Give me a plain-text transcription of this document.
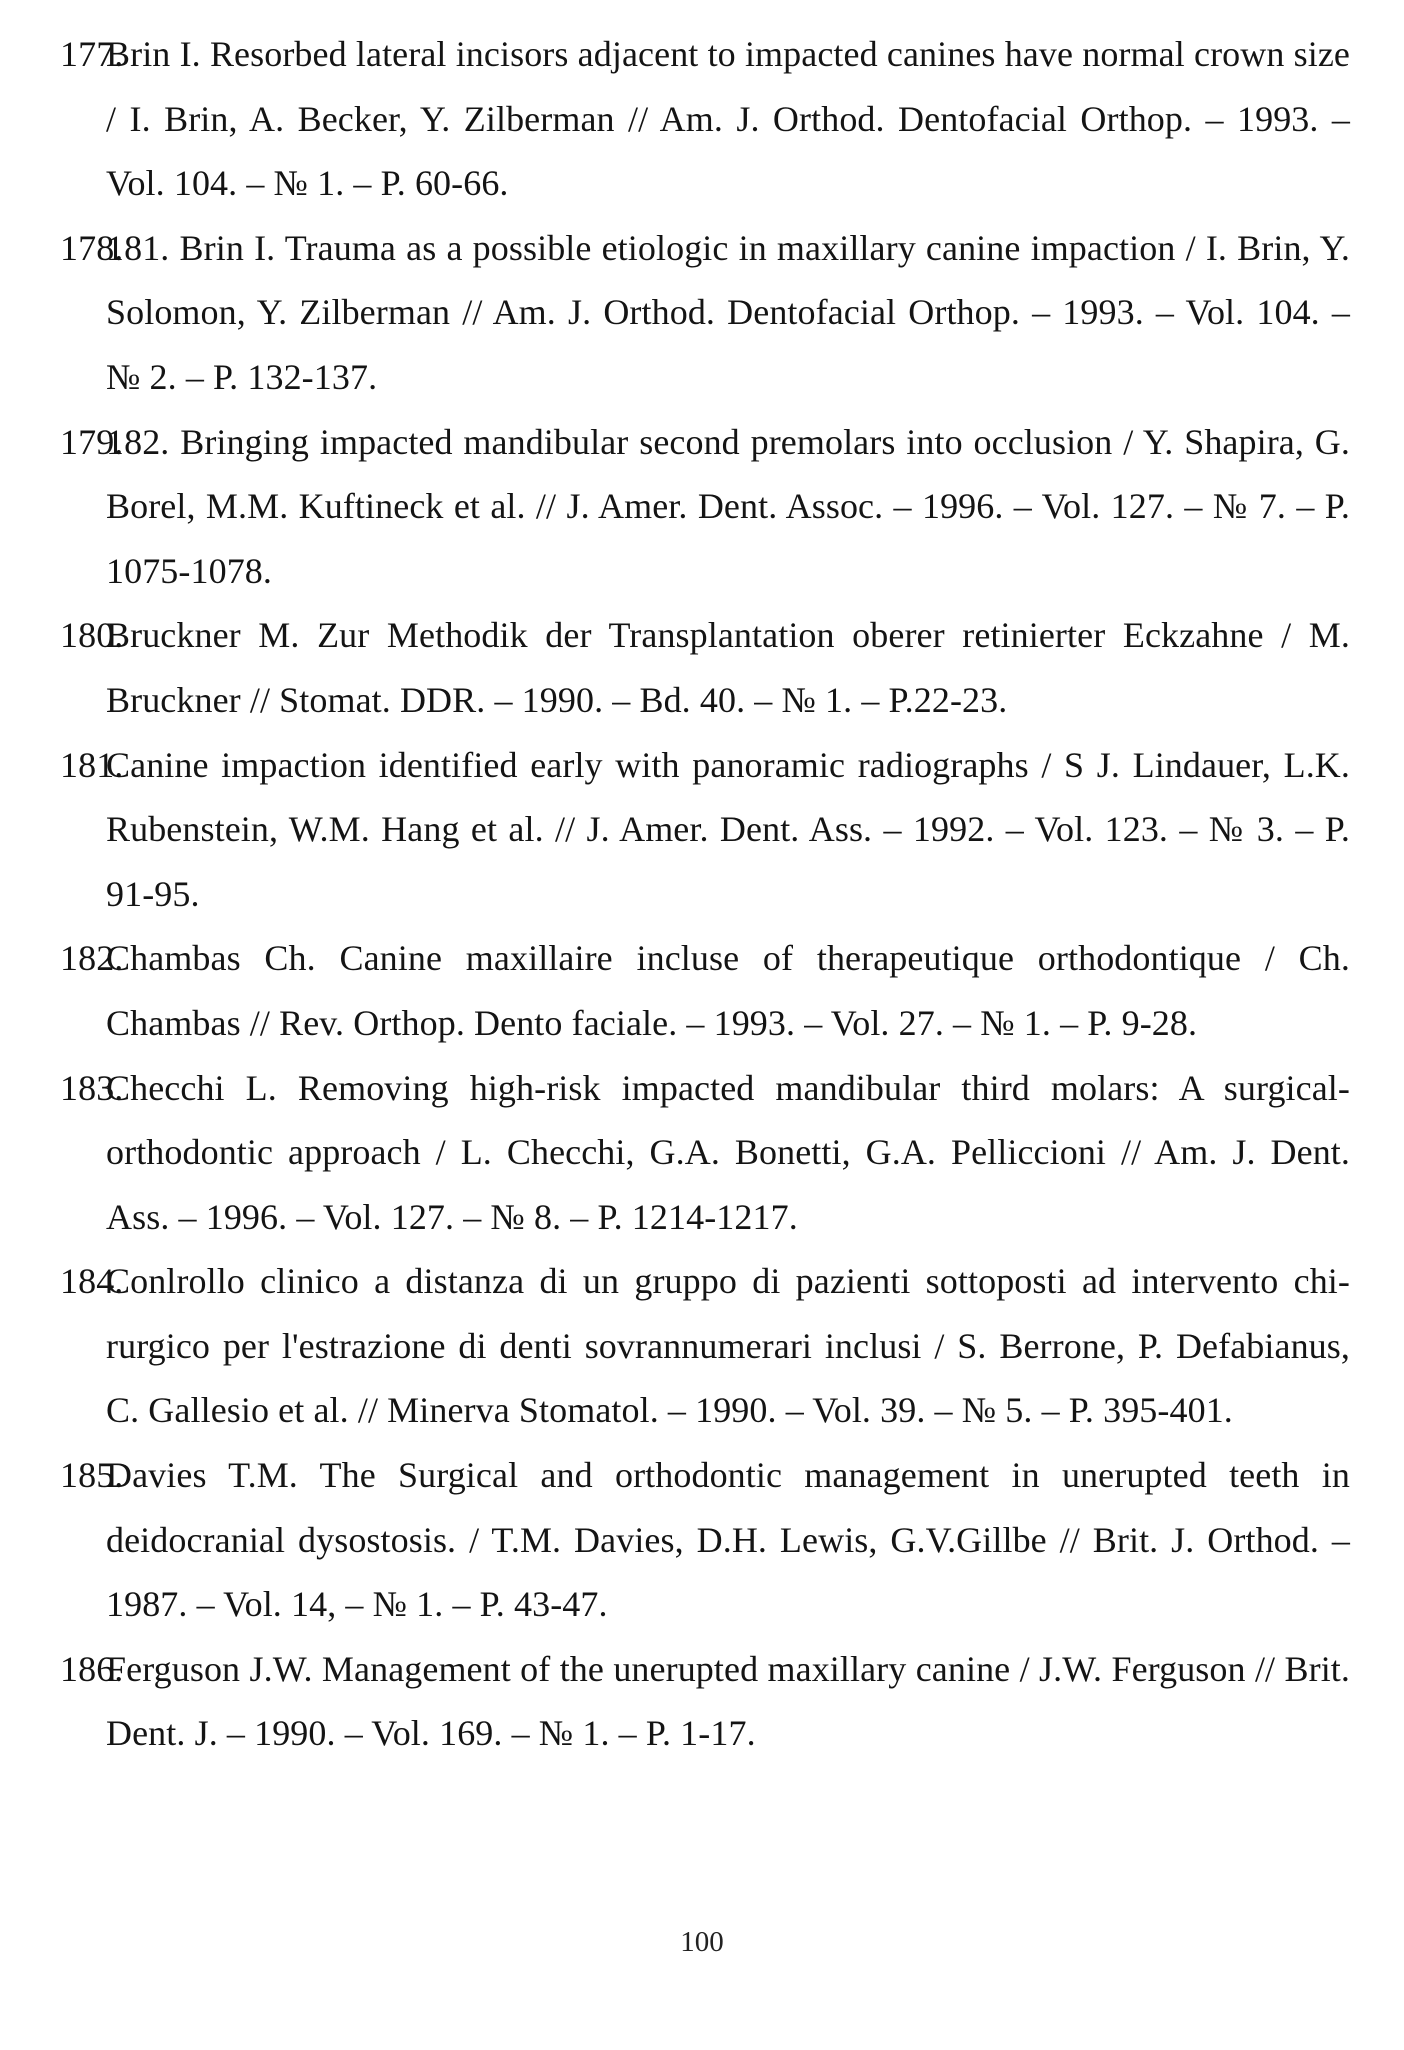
177.
Brin I. Resorbed lateral incisors adjacent to impacted canines have normal crown size / I. Brin, A. Becker, Y. Zilberman // Am. J. Orthod. Dentofacial Orthop. – 1993. – Vol. 104. – № 1. – P. 60-66.
178.
181. Brin I. Trauma as a possible etiologic in maxillary canine impaction / I. Brin, Y. Solomon, Y. Zilberman // Am. J. Orthod. Dentofacial Orthop. – 1993. – Vol. 104. – № 2. – P. 132-137.
179.
182. Bringing impacted mandibular second premolars into occlusion / Y. Shapira, G. Borel, M.M. Kuftineck et al. // J. Amer. Dent. Assoc. – 1996. – Vol. 127. – № 7. – P. 1075-1078.
180.
Bruckner M. Zur Methodik der Transplantation oberer retinierter Eckzahne / M. Bruckner // Stomat. DDR. – 1990. – Bd. 40. – № 1. – P.22-23.
181.
Canine impaction identified early with panoramic radiographs / S J. Lindauer, L.K. Rubenstein, W.M. Hang et al. // J. Amer. Dent. Ass. – 1992. – Vol. 123. – № 3. – P. 91-95.
182.
Chambas Ch. Canine maxillaire incluse of therapeutique orthodontique / Ch. Chambas // Rev. Orthop. Dento faciale. – 1993. – Vol. 27. – № 1. – P. 9-28.
183.
Checchi L. Removing high-risk impacted mandibular third molars: A surgical-orthodontic approach / L. Checchi, G.A. Bonetti, G.A. Pelliccioni // Am. J. Dent. Ass. – 1996. – Vol. 127. – № 8. – P. 1214-1217.
184.
Conlrollo clinico a distanza di un gruppo di pazienti sottoposti ad intervento chi-rurgico per l'estrazione di denti sovrannumerari inclusi / S. Berrone, P. Defabianus, C. Gallesio et al. // Minerva Stomatol. – 1990. – Vol. 39. – № 5. – P. 395-401.
185.
Davies T.M. The Surgical and orthodontic management in unerupted teeth in deidocranial dysostosis. / T.M. Davies, D.H. Lewis, G.V.Gillbe // Brit. J. Orthod. – 1987. – Vol. 14, – № 1. – P. 43-47.
186.
Ferguson J.W. Management of the unerupted maxillary canine / J.W. Ferguson // Brit. Dent. J. – 1990. – Vol. 169. – № 1. – P. 1-17.
100
